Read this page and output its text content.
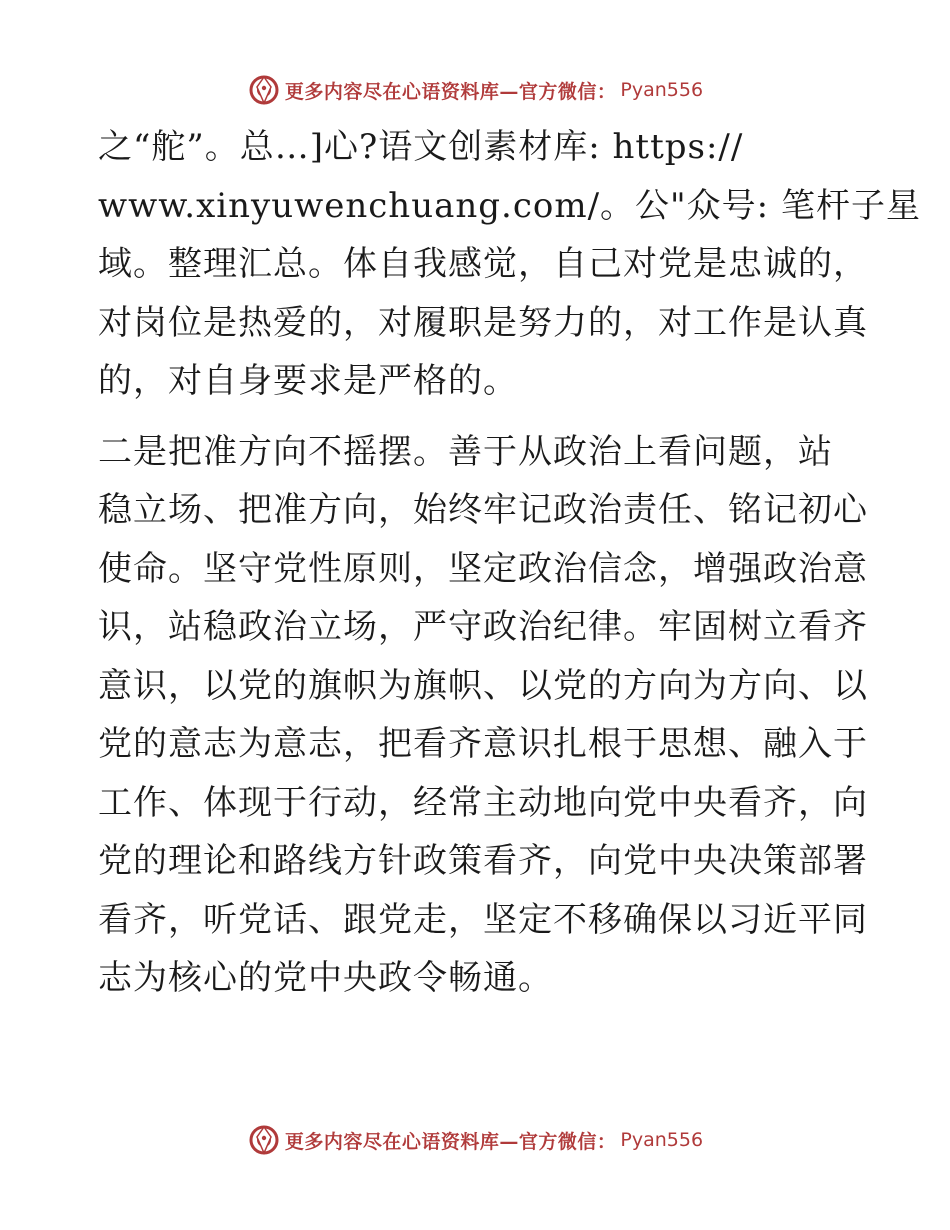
更多内容尽在心语资料库—官方微信： Pyan556
之“舵”。总…]心?语文创素材库: https://
www.xinyuwenchuang.com/。公"众号: 笔杆子星
域。整理汇总。体自我感觉，自己对党是忠诚的，
对岗位是热爱的，对履职是努力的，对工作是认真
的，对自身要求是严格的。
二是把准方向不摇摆。善于从政治上看问题，站
稳立场、把准方向，始终牢记政治责任、铭记初心
使命。坚守党性原则，坚定政治信念，增强政治意
识，站稳政治立场，严守政治纪律。牢固树立看齐
意识，以党的旗帜为旗帜、以党的方向为方向、以
党的意志为意志，把看齐意识扎根于思想、融入于
工作、体现于行动，经常主动地向党中央看齐，向
党的理论和路线方针政策看齐，向党中央决策部署
看齐，听党话、跟党走，坚定不移确保以习近平同
志为核心的党中央政令畅通。
更多内容尽在心语资料库—官方微信： Pyan556
